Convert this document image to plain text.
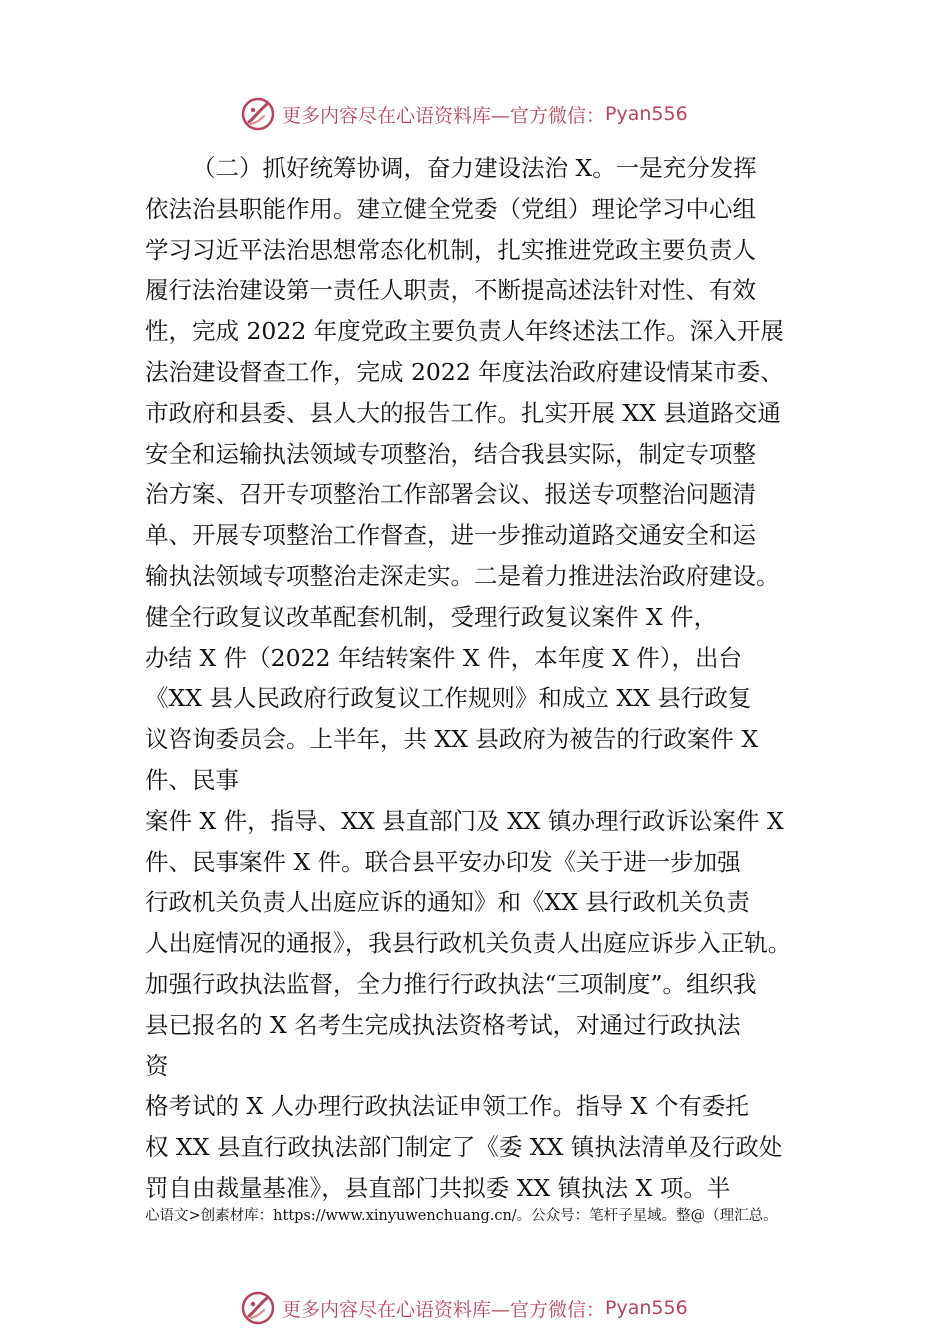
更多内容尽在心语资料库—官方微信： Pyan556
（二）抓好统筹协调，奋力建设法治 X。一是充分发挥
依法治县职能作用。建立健全党委（党组）理论学习中心组
学习习近平法治思想常态化机制，扎实推进党政主要负责人
履行法治建设第一责任人职责，不断提高述法针对性、有效
性，完成 2022 年度党政主要负责人年终述法工作。深入开展
法治建设督查工作，完成 2022 年度法治政府建设情某市委、
市政府和县委、县人大的报告工作。扎实开展 XX 县道路交通
安全和运输执法领域专项整治，结合我县实际，制定专项整
治方案、召开专项整治工作部署会议、报送专项整治问题清
单、开展专项整治工作督查，进一步推动道路交通安全和运
输执法领域专项整治走深走实。二是着力推进法治政府建设。
健全行政复议改革配套机制，受理行政复议案件 X 件，
办结 X 件（2022 年结转案件 X 件，本年度 X 件），出台
《XX 县人民政府行政复议工作规则》和成立 XX 县行政复
议咨询委员会。上半年，共 XX 县政府为被告的行政案件 X
件、民事
案件 X 件，指导、XX 县直部门及 XX 镇办理行政诉讼案件 X
件、民事案件 X 件。联合县平安办印发《关于进一步加强
行政机关负责人出庭应诉的通知》和《XX 县行政机关负责
人出庭情况的通报》，我县行政机关负责人出庭应诉步入正轨。
加强行政执法监督，全力推行行政执法“三项制度”。组织我
县已报名的 X 名考生完成执法资格考试，对通过行政执法
资
格考试的 X 人办理行政执法证申领工作。指导 X 个有委托
权 XX 县直行政执法部门制定了《委 XX 镇执法清单及行政处
罚自由裁量基准》，县直部门共拟委 XX 镇执法 X 项。半
心语文>创素材库：https://www.xinyuwenchuang.cn/。公众号：笔杆子星域。整@（理汇总。
更多内容尽在心语资料库—官方微信： Pyan556
